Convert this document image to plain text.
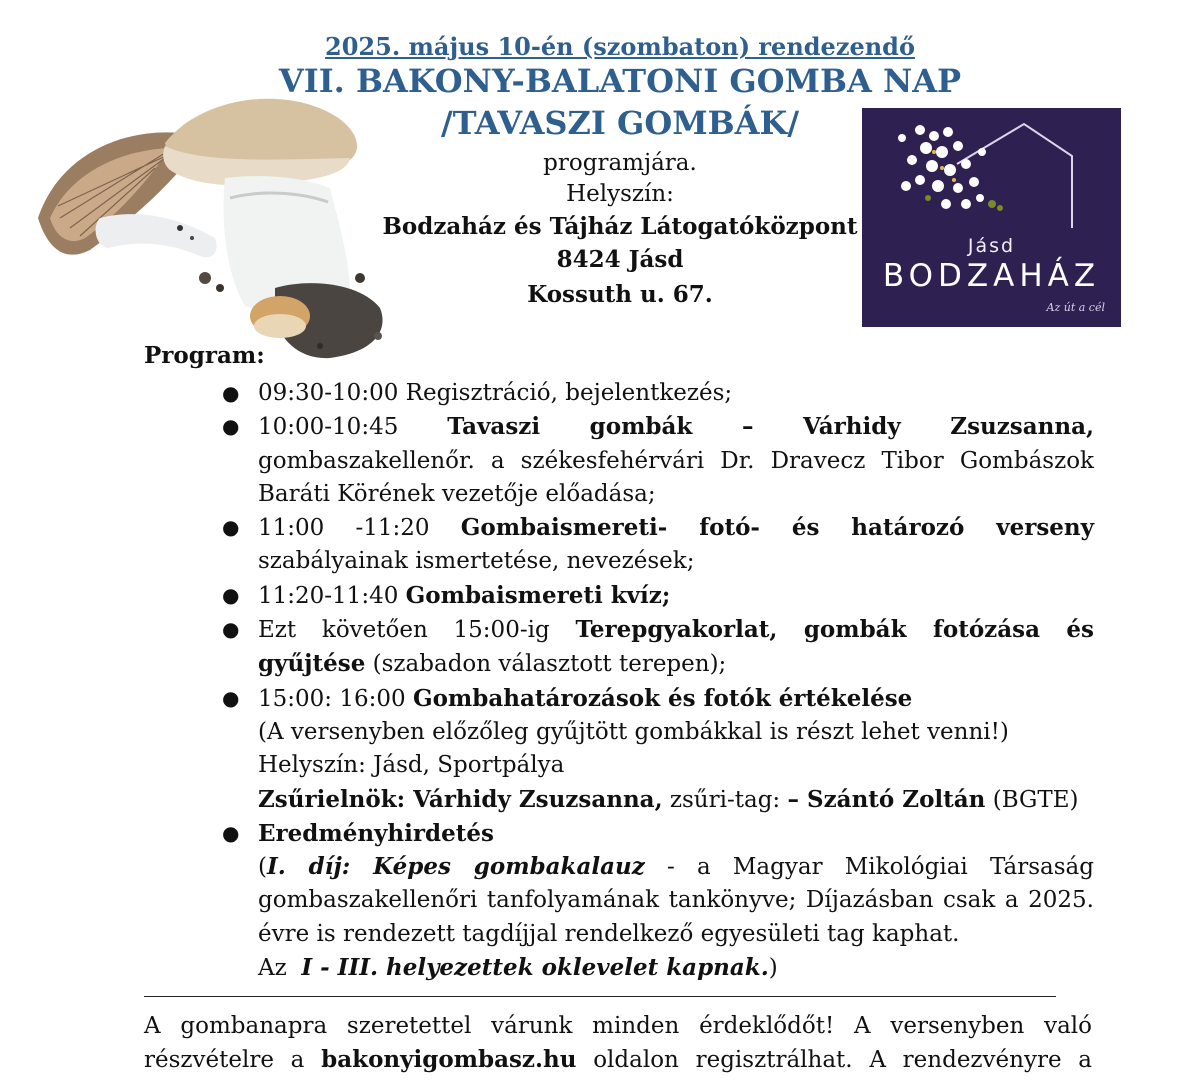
2025. május 10-én (szombaton) rendezendő
VII. BAKONY-BALATONI GOMBA NAP
/TAVASZI GOMBÁK/
programjára.
Helyszín:
Bodzaház és Tájház Látogatóközpont
8424 Jásd
Kossuth u. 67.
Jásd
BODZAHÁZ
Az út a cél
Program:
● 09:30-10:00 Regisztráció, bejelentkezés;
● 10:00-10:45 Tavaszi gombák – Várhidy Zsuzsanna,
gombaszakellenőr. a székesfehérvári Dr. Dravecz Tibor Gombászok
Baráti Körének vezetője előadása;
● 11:00 -11:20 Gombaismereti- fotó- és határozó verseny
szabályainak ismertetése, nevezések;
● 11:20-11:40 Gombaismereti kvíz;
● Ezt követően 15:00-ig Terepgyakorlat, gombák fotózása és
gyűjtése (szabadon választott terepen);
● 15:00: 16:00 Gombahatározások és fotók értékelése
(A versenyben előzőleg gyűjtött gombákkal is részt lehet venni!)
Helyszín: Jásd, Sportpálya
Zsűrielnök: Várhidy Zsuzsanna, zsűri-tag: – Szántó Zoltán (BGTE)
● Eredményhirdetés
(I. díj: Képes gombakalauz - a Magyar Mikológiai Társaság
gombaszakellenőri tanfolyamának tankönyve; Díjazásban csak a 2025.
évre is rendezett tagdíjjal rendelkező egyesületi tag kaphat.
Az I - III. helyezettek oklevelet kapnak.)
A gombanapra szeretettel várunk minden érdeklődőt! A versenyben való
részvételre a bakonyigombasz.hu oldalon regisztrálhat. A rendezvényre a
